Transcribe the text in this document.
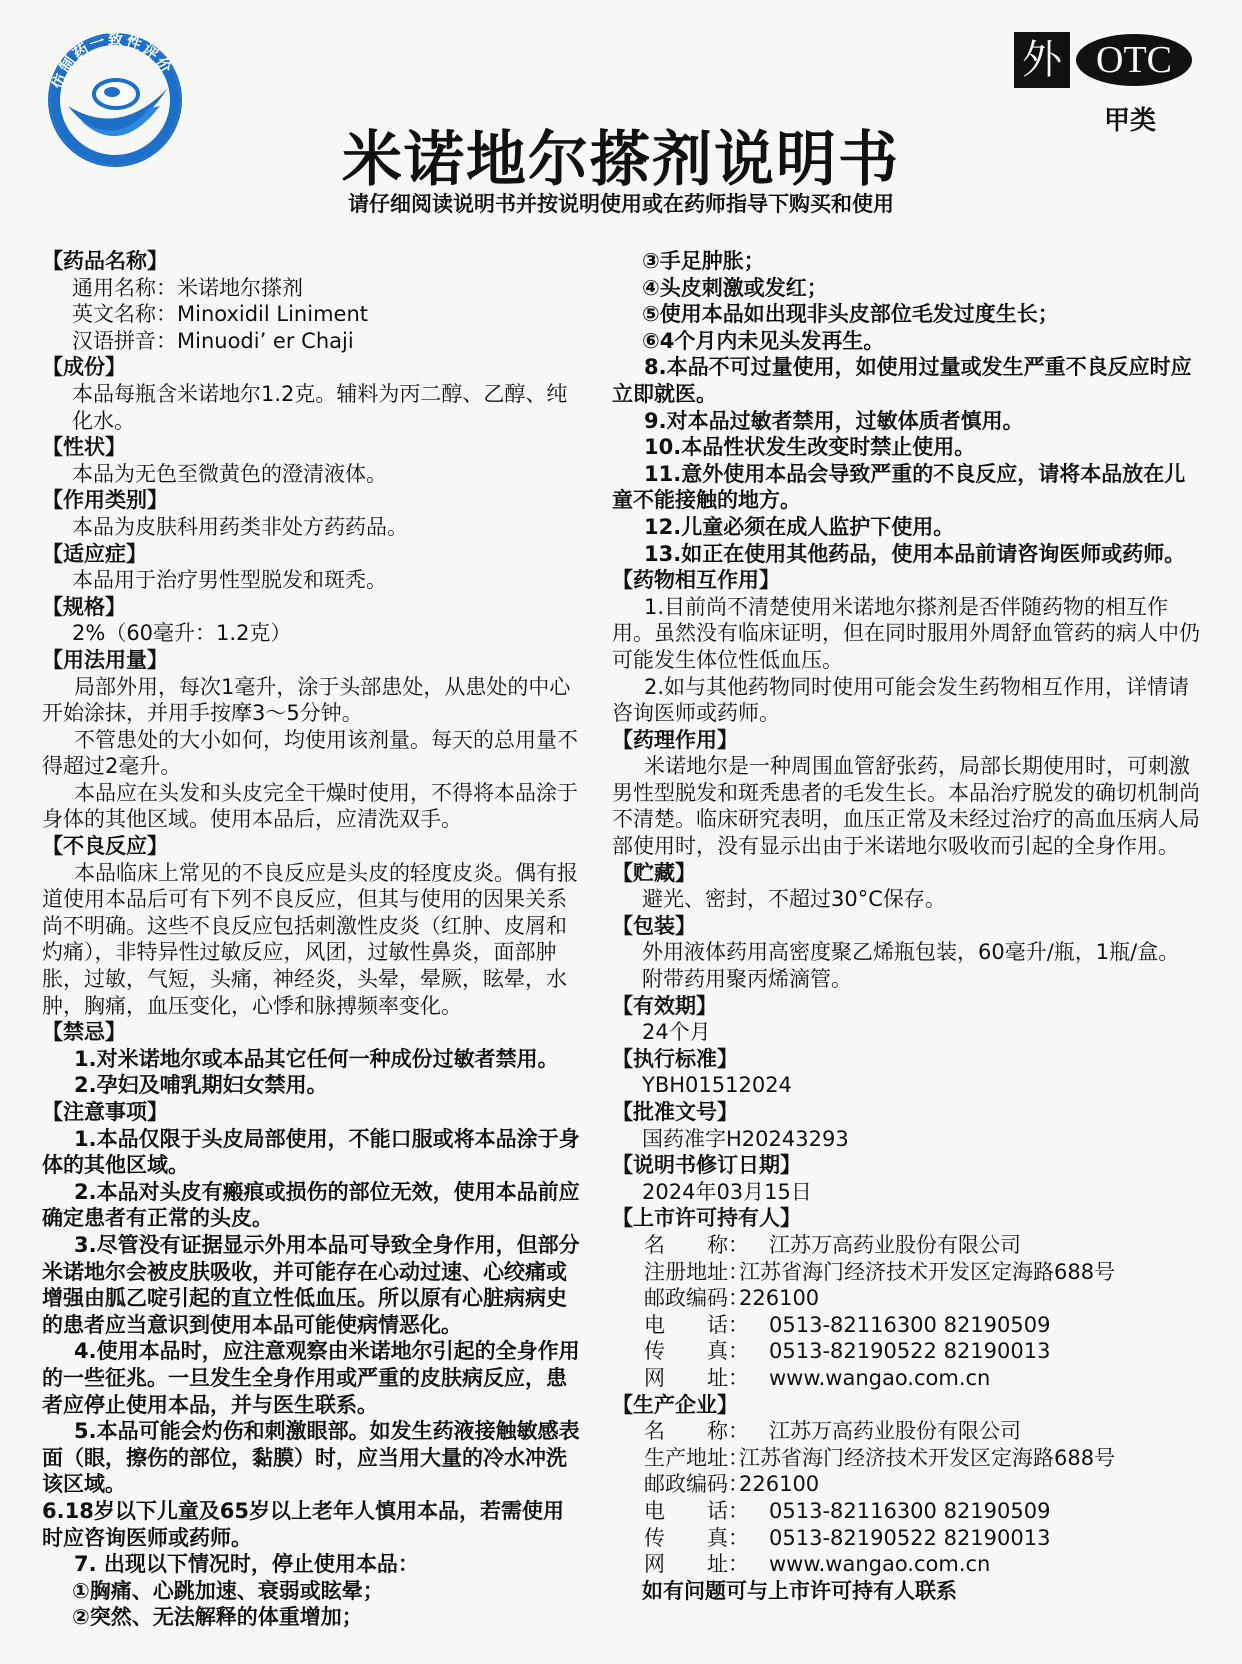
仿制药一致性评价	外 OTC
甲类
米诺地尔搽剂说明书
请仔细阅读说明书并按说明使用或在药师指导下购买和使用
【药品名称】
通用名称：米诺地尔搽剂
英文名称：Minoxidil Liniment
汉语拼音：Minuodi’ er Chaji
【成份】
本品每瓶含米诺地尔1.2克。辅料为丙二醇、乙醇、纯化水。
【性状】
本品为无色至微黄色的澄清液体。
【作用类别】
本品为皮肤科用药类非处方药药品。
【适应症】
本品用于治疗男性型脱发和斑秃。
【规格】
2%（60毫升：1.2克）
【用法用量】
局部外用，每次1毫升，涂于头部患处，从患处的中心开始涂抹，并用手按摩3～5分钟。
不管患处的大小如何，均使用该剂量。每天的总用量不得超过2毫升。
本品应在头发和头皮完全干燥时使用，不得将本品涂于身体的其他区域。使用本品后，应清洗双手。
【不良反应】
本品临床上常见的不良反应是头皮的轻度皮炎。偶有报道使用本品后可有下列不良反应，但其与使用的因果关系尚不明确。这些不良反应包括刺激性皮炎（红肿、皮屑和灼痛），非特异性过敏反应，风团，过敏性鼻炎，面部肿胀，过敏，气短，头痛，神经炎，头晕，晕厥，眩晕，水肿，胸痛，血压变化，心悸和脉搏频率变化。
【禁忌】
1.对米诺地尔或本品其它任何一种成份过敏者禁用。
2.孕妇及哺乳期妇女禁用。
【注意事项】
1.本品仅限于头皮局部使用，不能口服或将本品涂于身体的其他区域。
2.本品对头皮有瘢痕或损伤的部位无效，使用本品前应确定患者有正常的头皮。
3.尽管没有证据显示外用本品可导致全身作用，但部分米诺地尔会被皮肤吸收，并可能存在心动过速、心绞痛或增强由胍乙啶引起的直立性低血压。所以原有心脏病病史的患者应当意识到使用本品可能使病情恶化。
4.使用本品时，应注意观察由米诺地尔引起的全身作用的一些征兆。一旦发生全身作用或严重的皮肤病反应，患者应停止使用本品，并与医生联系。
5.本品可能会灼伤和刺激眼部。如发生药液接触敏感表面（眼，擦伤的部位，黏膜）时，应当用大量的冷水冲洗该区域。
6.18岁以下儿童及65岁以上老年人慎用本品，若需使用时应咨询医师或药师。
7. 出现以下情况时，停止使用本品：
①胸痛、心跳加速、衰弱或眩晕；
②突然、无法解释的体重增加；
③手足肿胀；
④头皮刺激或发红；
⑤使用本品如出现非头皮部位毛发过度生长；
⑥4个月内未见头发再生。
8.本品不可过量使用，如使用过量或发生严重不良反应时应立即就医。
9.对本品过敏者禁用，过敏体质者慎用。
10.本品性状发生改变时禁止使用。
11.意外使用本品会导致严重的不良反应，请将本品放在儿童不能接触的地方。
12.儿童必须在成人监护下使用。
13.如正在使用其他药品，使用本品前请咨询医师或药师。
【药物相互作用】
1.目前尚不清楚使用米诺地尔搽剂是否伴随药物的相互作用。虽然没有临床证明，但在同时服用外周舒血管药的病人中仍可能发生体位性低血压。
2.如与其他药物同时使用可能会发生药物相互作用，详情请咨询医师或药师。
【药理作用】
米诺地尔是一种周围血管舒张药，局部长期使用时，可刺激男性型脱发和斑秃患者的毛发生长。本品治疗脱发的确切机制尚不清楚。临床研究表明，血压正常及未经过治疗的高血压病人局部使用时，没有显示出由于米诺地尔吸收而引起的全身作用。
【贮藏】
避光、密封，不超过30°C保存。
【包装】
外用液体药用高密度聚乙烯瓶包装，60毫升/瓶，1瓶/盒。
附带药用聚丙烯滴管。
【有效期】
24个月
【执行标准】
YBH01512024
【批准文号】
国药准字H20243293
【说明书修订日期】
2024年03月15日
【上市许可持有人】
名　　称： 江苏万高药业股份有限公司
注册地址：
江苏省海门经济技术开发区定海路688号
邮政编码：
226100
电　　话： 0513-82116300 82190509
传　　真： 0513-82190522 82190013
网　　址： www.wangao.com.cn
【生产企业】
名　　称： 江苏万高药业股份有限公司
生产地址：
江苏省海门经济技术开发区定海路688号
邮政编码：
226100
电　　话： 0513-82116300 82190509
传　　真： 0513-82190522 82190013
网　　址： www.wangao.com.cn
如有问题可与上市许可持有人联系
